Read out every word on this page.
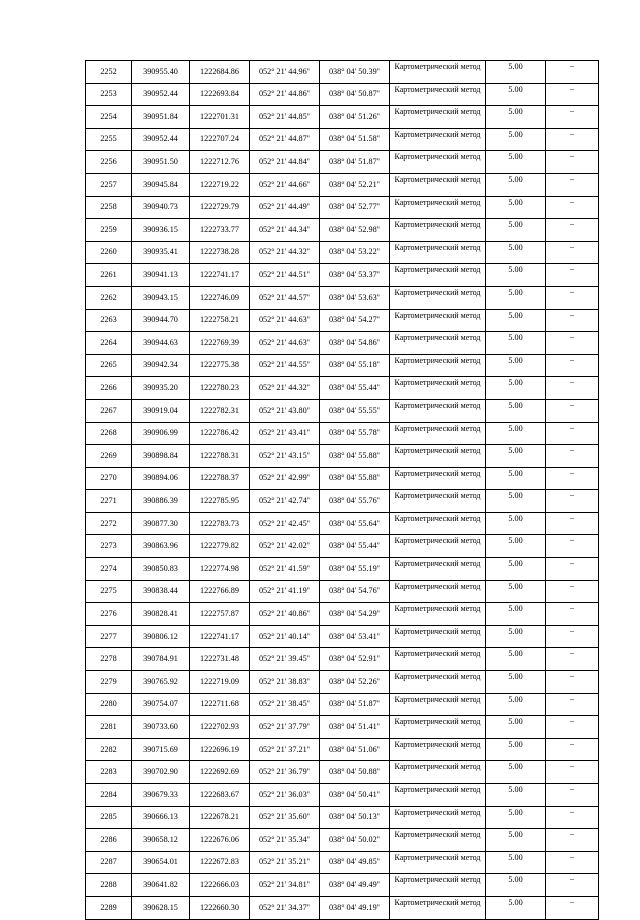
2252	390955.40	1222684.86	052° 21' 44.96"	038° 04' 50.39"	Картометрический метод	5.00	–
2253	390952.44	1222693.84	052° 21' 44.86"	038° 04' 50.87"	Картометрический метод	5.00	–
2254	390951.84	1222701.31	052° 21' 44.85"	038° 04' 51.26"	Картометрический метод	5.00	–
2255	390952.44	1222707.24	052° 21' 44.87"	038° 04' 51.58"	Картометрический метод	5.00	–
2256	390951.50	1222712.76	052° 21' 44.84"	038° 04' 51.87"	Картометрический метод	5.00	–
2257	390945.84	1222719.22	052° 21' 44.66"	038° 04' 52.21"	Картометрический метод	5.00	–
2258	390940.73	1222729.79	052° 21' 44.49"	038° 04' 52.77"	Картометрический метод	5.00	–
2259	390936.15	1222733.77	052° 21' 44.34"	038° 04' 52.98"	Картометрический метод	5.00	–
2260	390935.41	1222738.28	052° 21' 44.32"	038° 04' 53.22"	Картометрический метод	5.00	–
2261	390941.13	1222741.17	052° 21' 44.51"	038° 04' 53.37"	Картометрический метод	5.00	–
2262	390943.15	1222746.09	052° 21' 44.57"	038° 04' 53.63"	Картометрический метод	5.00	–
2263	390944.70	1222758.21	052° 21' 44.63"	038° 04' 54.27"	Картометрический метод	5.00	–
2264	390944.63	1222769.39	052° 21' 44.63"	038° 04' 54.86"	Картометрический метод	5.00	–
2265	390942.34	1222775.38	052° 21' 44.55"	038° 04' 55.18"	Картометрический метод	5.00	–
2266	390935.20	1222780.23	052° 21' 44.32"	038° 04' 55.44"	Картометрический метод	5.00	–
2267	390919.04	1222782.31	052° 21' 43.80"	038° 04' 55.55"	Картометрический метод	5.00	–
2268	390906.99	1222786.42	052° 21' 43.41"	038° 04' 55.78"	Картометрический метод	5.00	–
2269	390898.84	1222788.31	052° 21' 43.15"	038° 04' 55.88"	Картометрический метод	5.00	–
2270	390894.06	1222788.37	052° 21' 42.99"	038° 04' 55.88"	Картометрический метод	5.00	–
2271	390886.39	1222785.95	052° 21' 42.74"	038° 04' 55.76"	Картометрический метод	5.00	–
2272	390877.30	1222783.73	052° 21' 42.45"	038° 04' 55.64"	Картометрический метод	5.00	–
2273	390863.96	1222779.82	052° 21' 42.02"	038° 04' 55.44"	Картометрический метод	5.00	–
2274	390850.83	1222774.98	052° 21' 41.59"	038° 04' 55.19"	Картометрический метод	5.00	–
2275	390838.44	1222766.89	052° 21' 41.19"	038° 04' 54.76"	Картометрический метод	5.00	–
2276	390828.41	1222757.87	052° 21' 40.86"	038° 04' 54.29"	Картометрический метод	5.00	–
2277	390806.12	1222741.17	052° 21' 40.14"	038° 04' 53.41"	Картометрический метод	5.00	–
2278	390784.91	1222731.48	052° 21' 39.45"	038° 04' 52.91"	Картометрический метод	5.00	–
2279	390765.92	1222719.09	052° 21' 38.83"	038° 04' 52.26"	Картометрический метод	5.00	–
2280	390754.07	1222711.68	052° 21' 38.45"	038° 04' 51.87"	Картометрический метод	5.00	–
2281	390733.60	1222702.93	052° 21' 37.79"	038° 04' 51.41"	Картометрический метод	5.00	–
2282	390715.69	1222696.19	052° 21' 37.21"	038° 04' 51.06"	Картометрический метод	5.00	–
2283	390702.90	1222692.69	052° 21' 36.79"	038° 04' 50.88"	Картометрический метод	5.00	–
2284	390679.33	1222683.67	052° 21' 36.03"	038° 04' 50.41"	Картометрический метод	5.00	–
2285	390666.13	1222678.21	052° 21' 35.60"	038° 04' 50.13"	Картометрический метод	5.00	–
2286	390658.12	1222676.06	052° 21' 35.34"	038° 04' 50.02"	Картометрический метод	5.00	–
2287	390654.01	1222672.83	052° 21' 35.21"	038° 04' 49.85"	Картометрический метод	5.00	–
2288	390641.82	1222666.03	052° 21' 34.81"	038° 04' 49.49"	Картометрический метод	5.00	–
2289	390628.15	1222660.30	052° 21' 34.37"	038° 04' 49.19"	Картометрический метод	5.00	–
